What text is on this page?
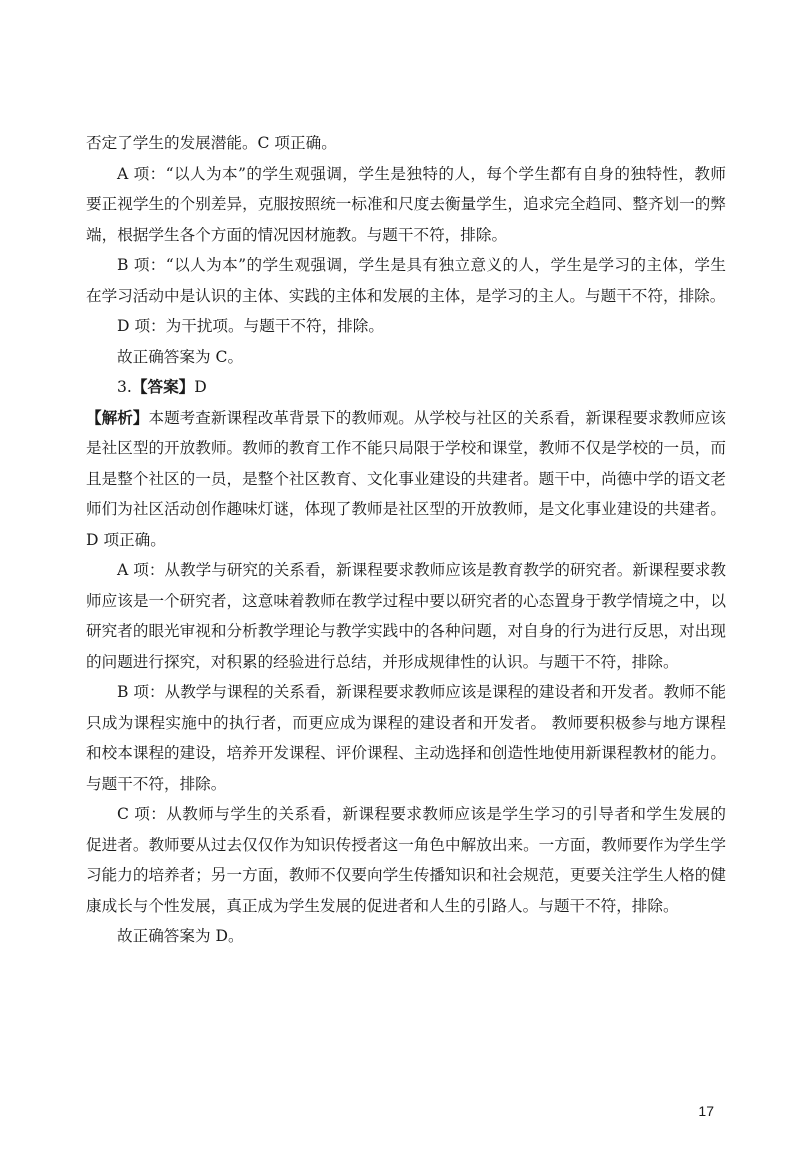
否定了学生的发展潜能。C 项正确。

A 项：“以人为本”的学生观强调，学生是独特的人，每个学生都有自身的独特性，教师要正视学生的个别差异，克服按照统一标准和尺度去衡量学生，追求完全趋同、整齐划一的弊端，根据学生各个方面的情况因材施教。与题干不符，排除。

B 项：“以人为本”的学生观强调，学生是具有独立意义的人，学生是学习的主体，学生在学习活动中是认识的主体、实践的主体和发展的主体，是学习的主人。与题干不符，排除。

D 项：为干扰项。与题干不符，排除。

故正确答案为 C。

3.【答案】D

【解析】本题考查新课程改革背景下的教师观。从学校与社区的关系看，新课程要求教师应该是社区型的开放教师。教师的教育工作不能只局限于学校和课堂，教师不仅是学校的一员，而且是整个社区的一员，是整个社区教育、文化事业建设的共建者。题干中，尚德中学的语文老师们为社区活动创作趣味灯谜，体现了教师是社区型的开放教师，是文化事业建设的共建者。D 项正确。

A 项：从教学与研究的关系看，新课程要求教师应该是教育教学的研究者。新课程要求教师应该是一个研究者，这意味着教师在教学过程中要以研究者的心态置身于教学情境之中，以研究者的眼光审视和分析教学理论与教学实践中的各种问题，对自身的行为进行反思，对出现的问题进行探究，对积累的经验进行总结，并形成规律性的认识。与题干不符，排除。

B 项：从教学与课程的关系看，新课程要求教师应该是课程的建设者和开发者。教师不能只成为课程实施中的执行者，而更应成为课程的建设者和开发者。 教师要积极参与地方课程和校本课程的建设，培养开发课程、评价课程、主动选择和创造性地使用新课程教材的能力。与题干不符，排除。

C 项：从教师与学生的关系看，新课程要求教师应该是学生学习的引导者和学生发展的促进者。教师要从过去仅仅作为知识传授者这一角色中解放出来。一方面，教师要作为学生学习能力的培养者；另一方面，教师不仅要向学生传播知识和社会规范，更要关注学生人格的健康成长与个性发展，真正成为学生发展的促进者和人生的引路人。与题干不符，排除。

故正确答案为 D。

17
